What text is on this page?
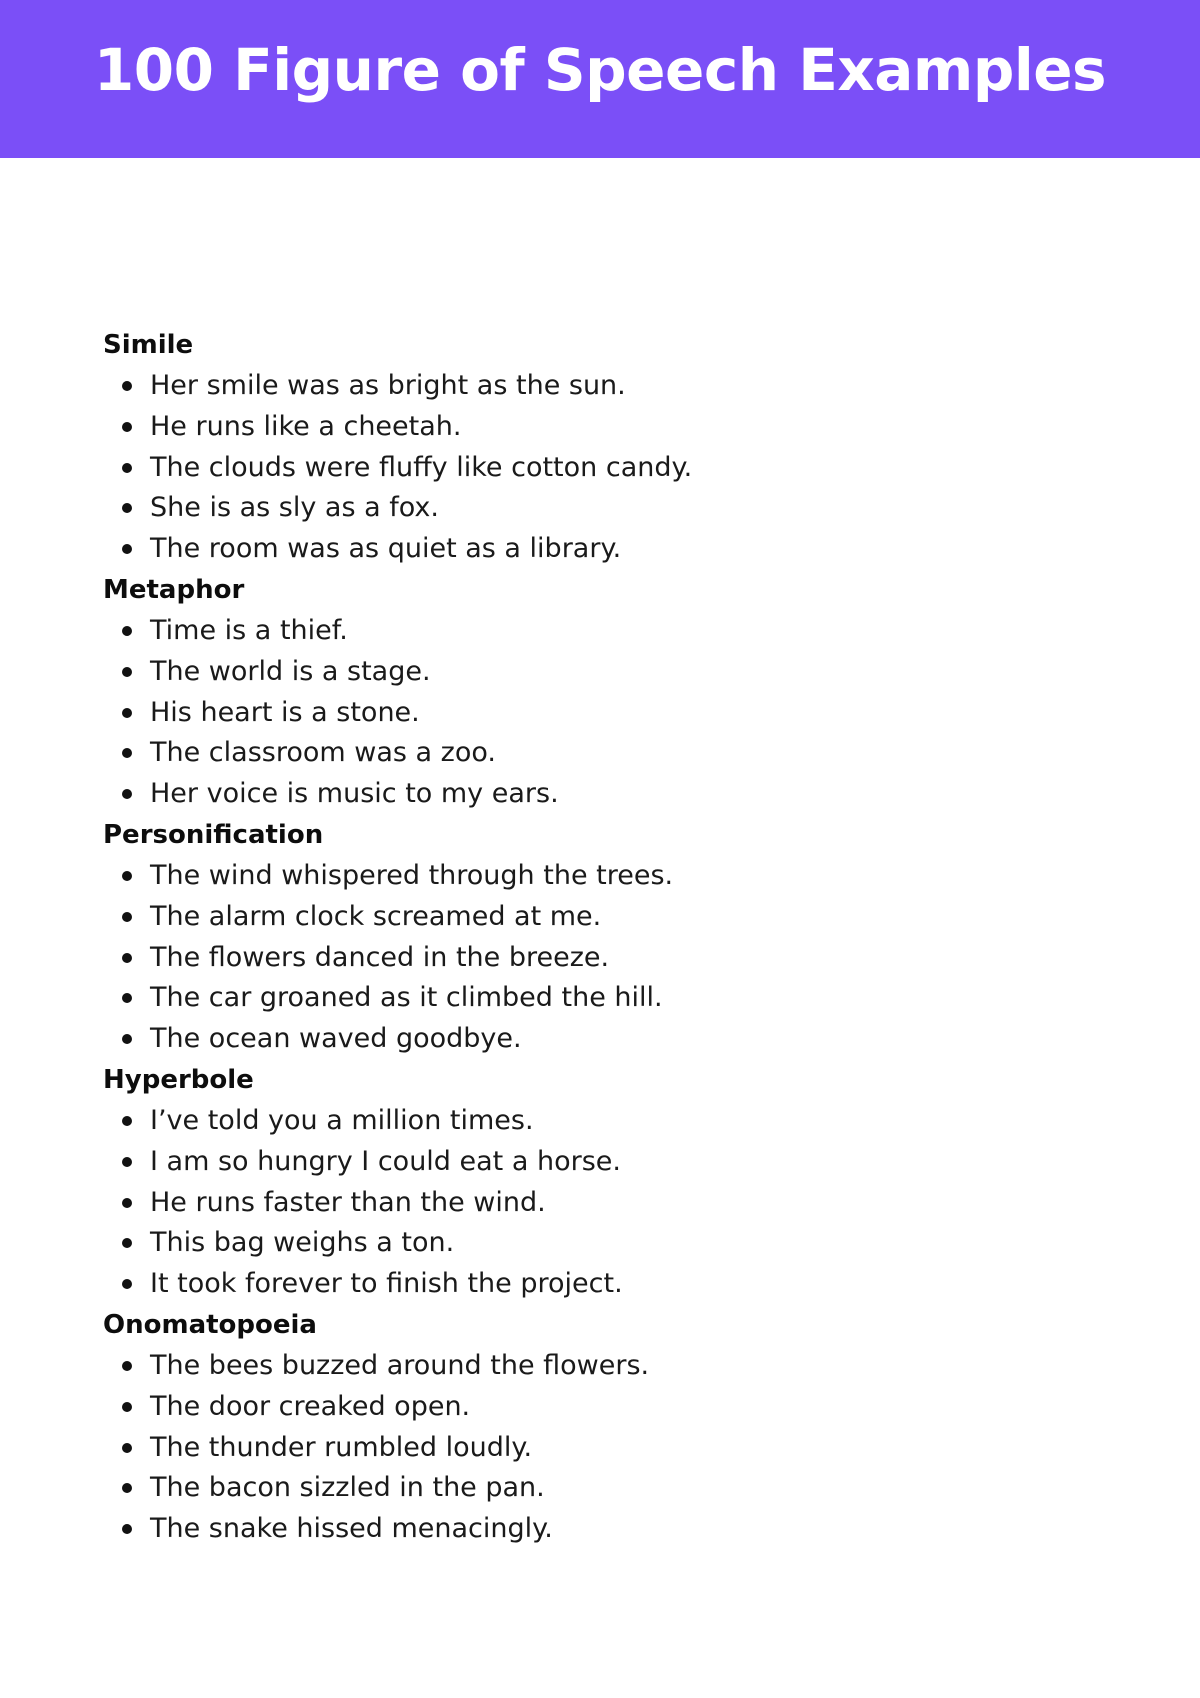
100 Figure of Speech Examples
Simile
Her smile was as bright as the sun.
He runs like a cheetah.
The clouds were fluffy like cotton candy.
She is as sly as a fox.
The room was as quiet as a library.
Metaphor
Time is a thief.
The world is a stage.
His heart is a stone.
The classroom was a zoo.
Her voice is music to my ears.
Personification
The wind whispered through the trees.
The alarm clock screamed at me.
The flowers danced in the breeze.
The car groaned as it climbed the hill.
The ocean waved goodbye.
Hyperbole
I’ve told you a million times.
I am so hungry I could eat a horse.
He runs faster than the wind.
This bag weighs a ton.
It took forever to finish the project.
Onomatopoeia
The bees buzzed around the flowers.
The door creaked open.
The thunder rumbled loudly.
The bacon sizzled in the pan.
The snake hissed menacingly.
